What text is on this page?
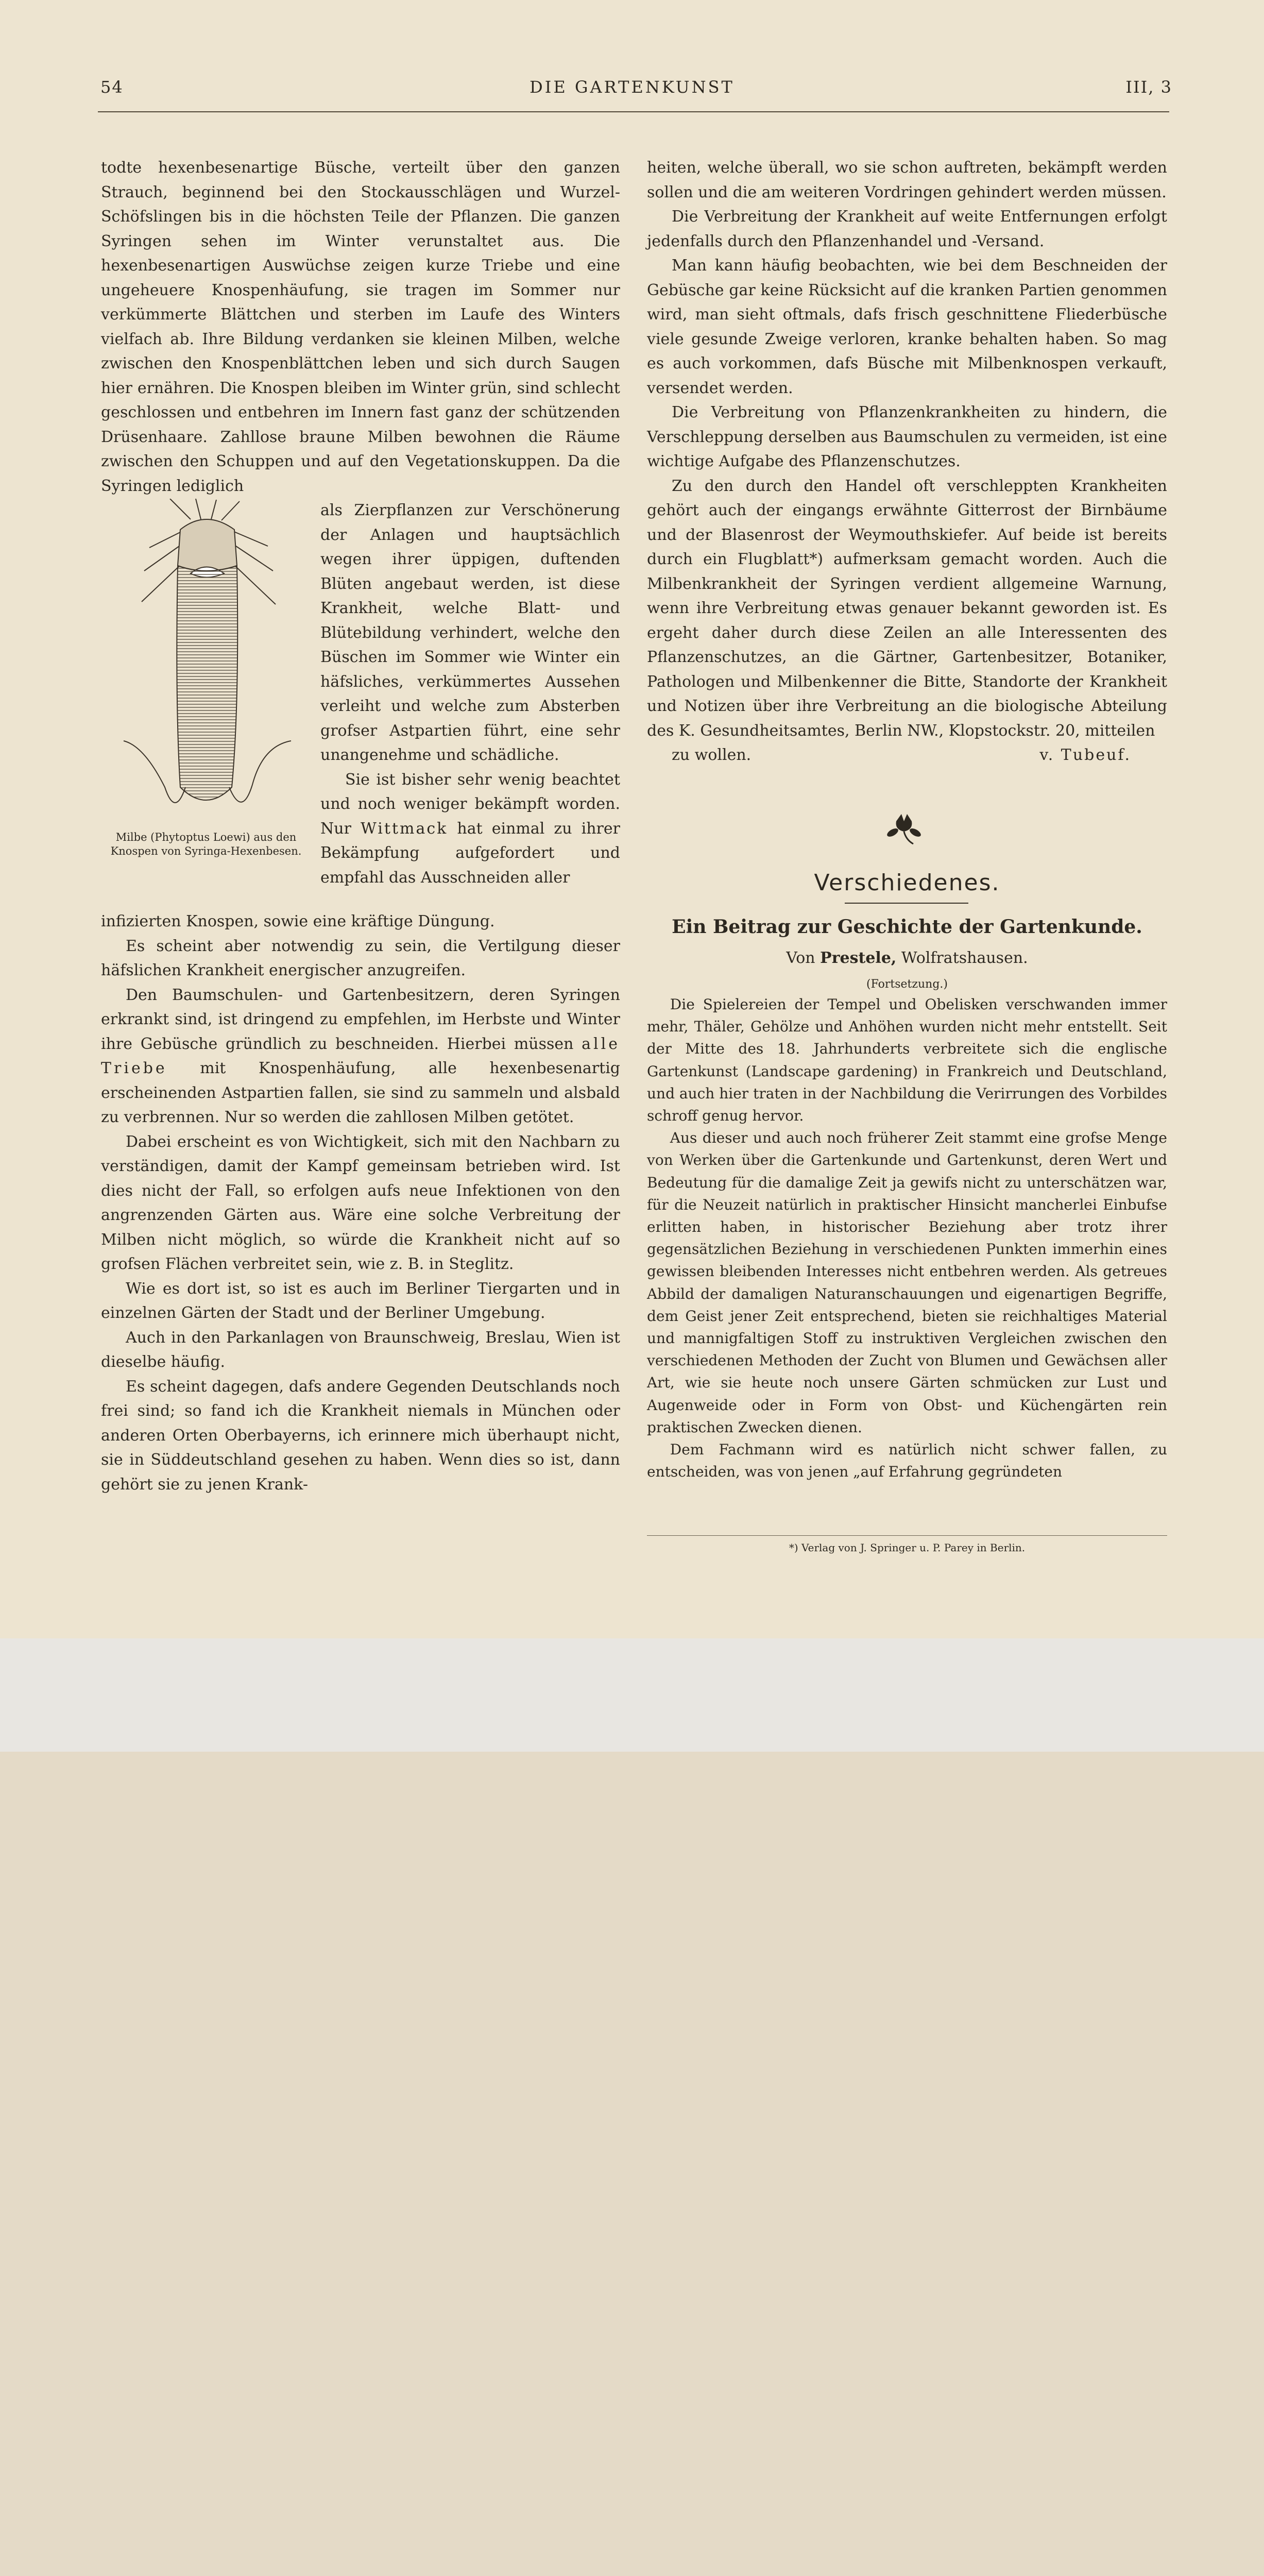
54	DIE GARTENKUNST	III, 3

todte hexenbesenartige Büsche, verteilt über den ganzen Strauch, beginnend bei den Stockausschlägen und Wurzel-Schöfslingen bis in die höchsten Teile der Pflanzen. Die ganzen Syringen sehen im Winter verunstaltet aus. Die hexenbesenartigen Auswüchse zeigen kurze Triebe und eine ungeheuere Knospenhäufung, sie tragen im Sommer nur verkümmerte Blättchen und sterben im Laufe des Winters vielfach ab. Ihre Bildung verdanken sie kleinen Milben, welche zwischen den Knospenblättchen leben und sich durch Saugen hier ernähren. Die Knospen bleiben im Winter grün, sind schlecht geschlossen und entbehren im Innern fast ganz der schützenden Drüsenhaare. Zahllose braune Milben bewohnen die Räume zwischen den Schuppen und auf den Vegetationskuppen. Da die Syringen lediglich

Milbe (Phytoptus Loewi) aus den Knospen von Syringa-Hexenbesen.

als Zierpflanzen zur Verschönerung der Anlagen und hauptsächlich wegen ihrer üppigen, duftenden Blüten angebaut werden, ist diese Krankheit, welche Blatt- und Blütebildung verhindert, welche den Büschen im Sommer wie Winter ein häfsliches, verkümmertes Aussehen verleiht und welche zum Absterben grofser Astpartien führt, eine sehr unangenehme und schädliche.

Sie ist bisher sehr wenig beachtet und noch weniger bekämpft worden. Nur Wittmack hat einmal zu ihrer Bekämpfung aufgefordert und empfahl das Ausschneiden aller

infizierten Knospen, sowie eine kräftige Düngung.

Es scheint aber notwendig zu sein, die Vertilgung dieser häfslichen Krankheit energischer anzugreifen.

Den Baumschulen- und Gartenbesitzern, deren Syringen erkrankt sind, ist dringend zu empfehlen, im Herbste und Winter ihre Gebüsche gründlich zu beschneiden. Hierbei müssen alle Triebe mit Knospenhäufung, alle hexenbesenartig erscheinenden Astpartien fallen, sie sind zu sammeln und alsbald zu verbrennen. Nur so werden die zahllosen Milben getötet.

Dabei erscheint es von Wichtigkeit, sich mit den Nachbarn zu verständigen, damit der Kampf gemeinsam betrieben wird. Ist dies nicht der Fall, so erfolgen aufs neue Infektionen von den angrenzenden Gärten aus. Wäre eine solche Verbreitung der Milben nicht möglich, so würde die Krankheit nicht auf so grofsen Flächen verbreitet sein, wie z. B. in Steglitz.

Wie es dort ist, so ist es auch im Berliner Tiergarten und in einzelnen Gärten der Stadt und der Berliner Umgebung.

Auch in den Parkanlagen von Braunschweig, Breslau, Wien ist dieselbe häufig.

Es scheint dagegen, dafs andere Gegenden Deutschlands noch frei sind; so fand ich die Krankheit niemals in München oder anderen Orten Oberbayerns, ich erinnere mich überhaupt nicht, sie in Süddeutschland gesehen zu haben. Wenn dies so ist, dann gehört sie zu jenen Krank-

heiten, welche überall, wo sie schon auftreten, bekämpft werden sollen und die am weiteren Vordringen gehindert werden müssen.

Die Verbreitung der Krankheit auf weite Entfernungen erfolgt jedenfalls durch den Pflanzenhandel und -Versand.

Man kann häufig beobachten, wie bei dem Beschneiden der Gebüsche gar keine Rücksicht auf die kranken Partien genommen wird, man sieht oftmals, dafs frisch geschnittene Fliederbüsche viele gesunde Zweige verloren, kranke behalten haben. So mag es auch vorkommen, dafs Büsche mit Milbenknospen verkauft, versendet werden.

Die Verbreitung von Pflanzenkrankheiten zu hindern, die Verschleppung derselben aus Baumschulen zu vermeiden, ist eine wichtige Aufgabe des Pflanzenschutzes.

Zu den durch den Handel oft verschleppten Krankheiten gehört auch der eingangs erwähnte Gitterrost der Birnbäume und der Blasenrost der Weymouthskiefer. Auf beide ist bereits durch ein Flugblatt*) aufmerksam gemacht worden. Auch die Milbenkrankheit der Syringen verdient allgemeine Warnung, wenn ihre Verbreitung etwas genauer bekannt geworden ist. Es ergeht daher durch diese Zeilen an alle Interessenten des Pflanzenschutzes, an die Gärtner, Gartenbesitzer, Botaniker, Pathologen und Milbenkenner die Bitte, Standorte der Krankheit und Notizen über ihre Verbreitung an die biologische Abteilung des K. Gesundheitsamtes, Berlin NW., Klopstockstr. 20, mitteilen

zu wollen.	v. Tubeuf.

Verschiedenes.
Ein Beitrag zur Geschichte der Gartenkunde.
Von Prestele, Wolfratshausen.
(Fortsetzung.)

Die Spielereien der Tempel und Obelisken verschwanden immer mehr, Thäler, Gehölze und Anhöhen wurden nicht mehr entstellt. Seit der Mitte des 18. Jahrhunderts verbreitete sich die englische Gartenkunst (Landscape gardening) in Frankreich und Deutschland, und auch hier traten in der Nachbildung die Verirrungen des Vorbildes schroff genug hervor.

Aus dieser und auch noch früherer Zeit stammt eine grofse Menge von Werken über die Gartenkunde und Gartenkunst, deren Wert und Bedeutung für die damalige Zeit ja gewifs nicht zu unterschätzen war, für die Neuzeit natürlich in praktischer Hinsicht mancherlei Einbufse erlitten haben, in historischer Beziehung aber trotz ihrer gegensätzlichen Beziehung in verschiedenen Punkten immerhin eines gewissen bleibenden Interesses nicht entbehren werden. Als getreues Abbild der damaligen Naturanschauungen und eigenartigen Begriffe, dem Geist jener Zeit entsprechend, bieten sie reichhaltiges Material und mannigfaltigen Stoff zu instruktiven Vergleichen zwischen den verschiedenen Methoden der Zucht von Blumen und Gewächsen aller Art, wie sie heute noch unsere Gärten schmücken zur Lust und Augenweide oder in Form von Obst- und Küchengärten rein praktischen Zwecken dienen.

Dem Fachmann wird es natürlich nicht schwer fallen, zu entscheiden, was von jenen „auf Erfahrung gegründeten

*) Verlag von J. Springer u. P. Parey in Berlin.
